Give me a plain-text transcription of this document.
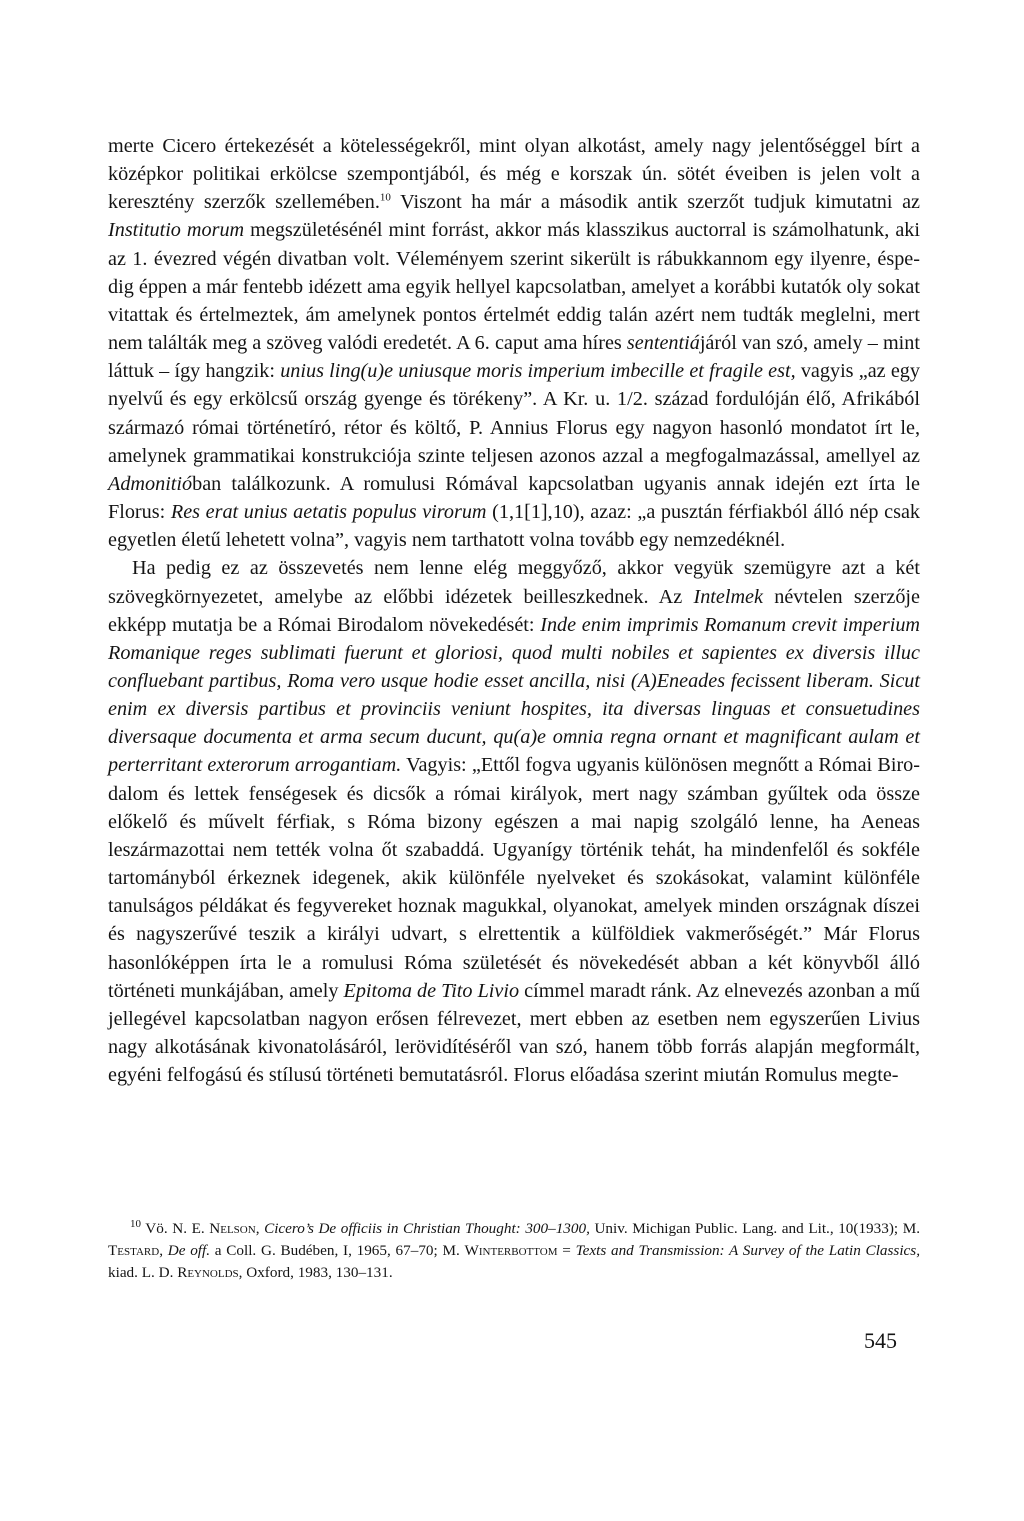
merte Cicero értekezését a kötelességekről, mint olyan alkotást, amely nagy jelentőséggel bírt a középkor politikai erkölcse szempontjából, és még e korszak ún. sötét éveiben is jelen volt a keresztény szerzők szellemében.$^{10}$ Viszont ha már a második antik szerzőt tudjuk kimutatni az Institutio morum megszületésénél mint forrást, akkor más klasszikus auctorral is számolhatunk, aki az 1. évezred végén divatban volt. Véleményem szerint sikerült is rábukkannom egy ilyenre, éspedig éppen a már fentebb idézett ama egyik hellyel kapcsolatban, amelyet a korábbi kutatók oly sokat vitattak és értelmeztek, ám amelynek pontos értelmét eddig talán azért nem tudták meglelni, mert nem találták meg a szöveg valódi eredetét. A 6. caput ama híres sententiájáról van szó, amely – mint láttuk – így hangzik: unius ling(u)e uniusque moris imperium imbecille et fragile est, vagyis „az egy nyelvű és egy erkölcsű ország gyenge és törékeny”. A Kr. u. 1/2. század fordulóján élő, Afrikából származó római történetíró, rétor és költő, P. Annius Florus egy nagyon hasonló mondatot írt le, amelynek grammatikai konstrukciója szinte teljesen azonos azzal a megfogalmazással, amellyel az Admonitióban találkozunk. A romulusi Rómával kapcsolatban ugyanis annak idején ezt írta le Florus: Res erat unius aetatis populus virorum (1,1[1],10), azaz: „a pusztán férfiakból álló nép csak egyetlen életű lehetett volna”, vagyis nem tarthatott volna tovább egy nemzedéknél.

Ha pedig ez az összevetés nem lenne elég meggyőző, akkor vegyük szemügyre azt a két szövegkörnyezetet, amelybe az előbbi idézetek beilleszkednek. Az Intelmek névtelen szerzője ekképp mutatja be a Római Birodalom növekedését: Inde enim imprimis Romanum crevit imperium Romanique reges sublimati fuerunt et gloriosi, quod multi nobiles et sapientes ex diversis illuc confluebant partibus, Roma vero usque hodie esset ancilla, nisi (A)Eneades fecissent liberam. Sicut enim ex diversis partibus et provinciis veniunt hospites, ita diversas linguas et consuetudines diversaque documenta et arma secum ducunt, qu(a)e omnia regna ornant et magnificant aulam et perterritant exterorum arrogantiam. Vagyis: „Ettől fogva ugyanis különösen megnőtt a Római Birodalom és lettek fenségesek és dicsők a római királyok, mert nagy számban gyűltek oda össze előkelő és művelt férfiak, s Róma bizony egészen a mai napig szolgáló lenne, ha Aeneas leszármazottai nem tették volna őt szabaddá. Ugyanígy történik tehát, ha mindenfelől és sokféle tartományból érkeznek idegenek, akik különféle nyelveket és szokásokat, valamint különféle tanulságos példákat és fegyvereket hoznak magukkal, olyanokat, amelyek minden országnak díszei és nagyszerűvé teszik a királyi udvart, s elrettentik a külföldiek vakmerőségét.” Már Florus hasonlóképpen írta le a romulusi Róma születését és növekedését abban a két könyvből álló történeti munkájában, amely Epitoma de Tito Livio címmel maradt ránk. Az elnevezés azonban a mű jellegével kapcsolatban nagyon erősen félrevezet, mert ebben az esetben nem egyszerűen Livius nagy alkotásának kivonatolásáról, lerövidítéséről van szó, hanem több forrás alapján megformált, egyéni felfogású és stílusú történeti bemutatásról. Florus előadása szerint miután Romulus megte-

$^{10}$ Vö. N. E. Nelson, Cicero’s De officiis in Christian Thought: 300–1300, Univ. Michigan Public. Lang. and Lit., 10(1933); M. Testard, De off. a Coll. G. Budében, I, 1965, 67–70; M. Winterbottom = Texts and Transmission: A Survey of the Latin Classics, kiad. L. D. Reynolds, Oxford, 1983, 130–131.

545
